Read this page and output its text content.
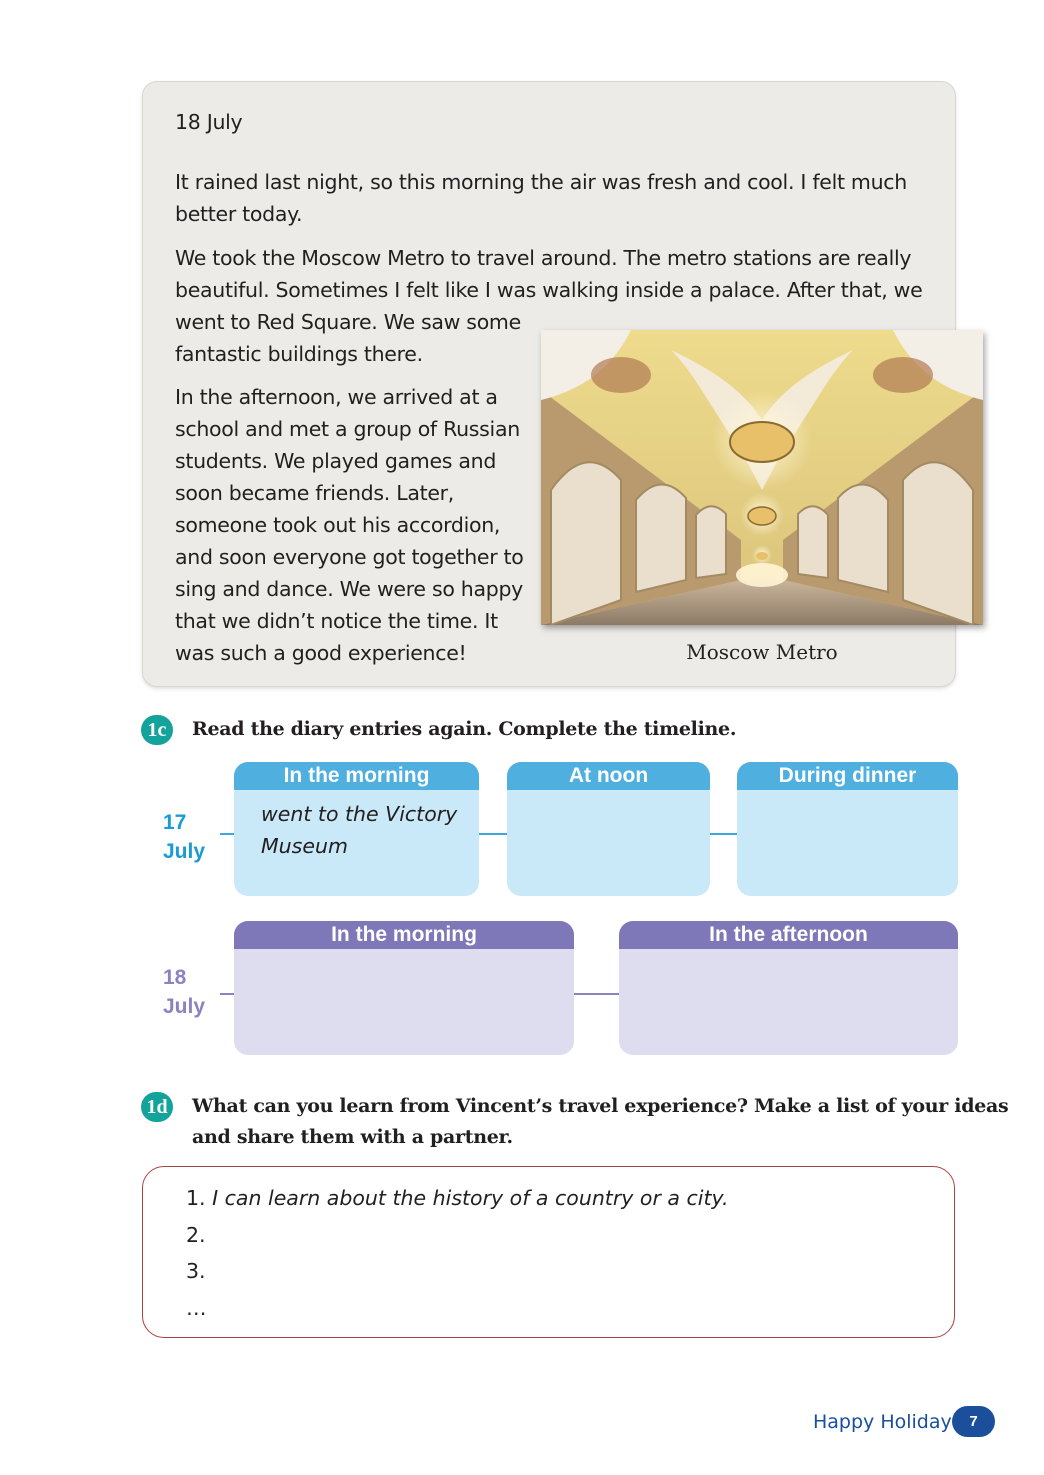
18 July
It rained last night, so this morning the air was fresh and cool. I felt much
better today.
We took the Moscow Metro to travel around. The metro stations are really
beautiful. Sometimes I felt like I was walking inside a palace. After that, we
went to Red Square. We saw some
fantastic buildings there.
In the afternoon, we arrived at a
school and met a group of Russian
students. We played games and
soon became friends. Later,
someone took out his accordion,
and soon everyone got together to
sing and dance. We were so happy
that we didn’t notice the time. It
was such a good experience!	Moscow Metro
1c	Read the diary entries again. Complete the timeline.
17
July
In the morning
went to the Victory
Museum
At noon	During dinner
18
July
In the morning	In the afternoon
1d What can you learn from Vincent’s travel experience? Make a list of your ideas
and share them with a partner.
1. I can learn about the history of a country or a city.
2.
3.
…
Happy Holiday	7
